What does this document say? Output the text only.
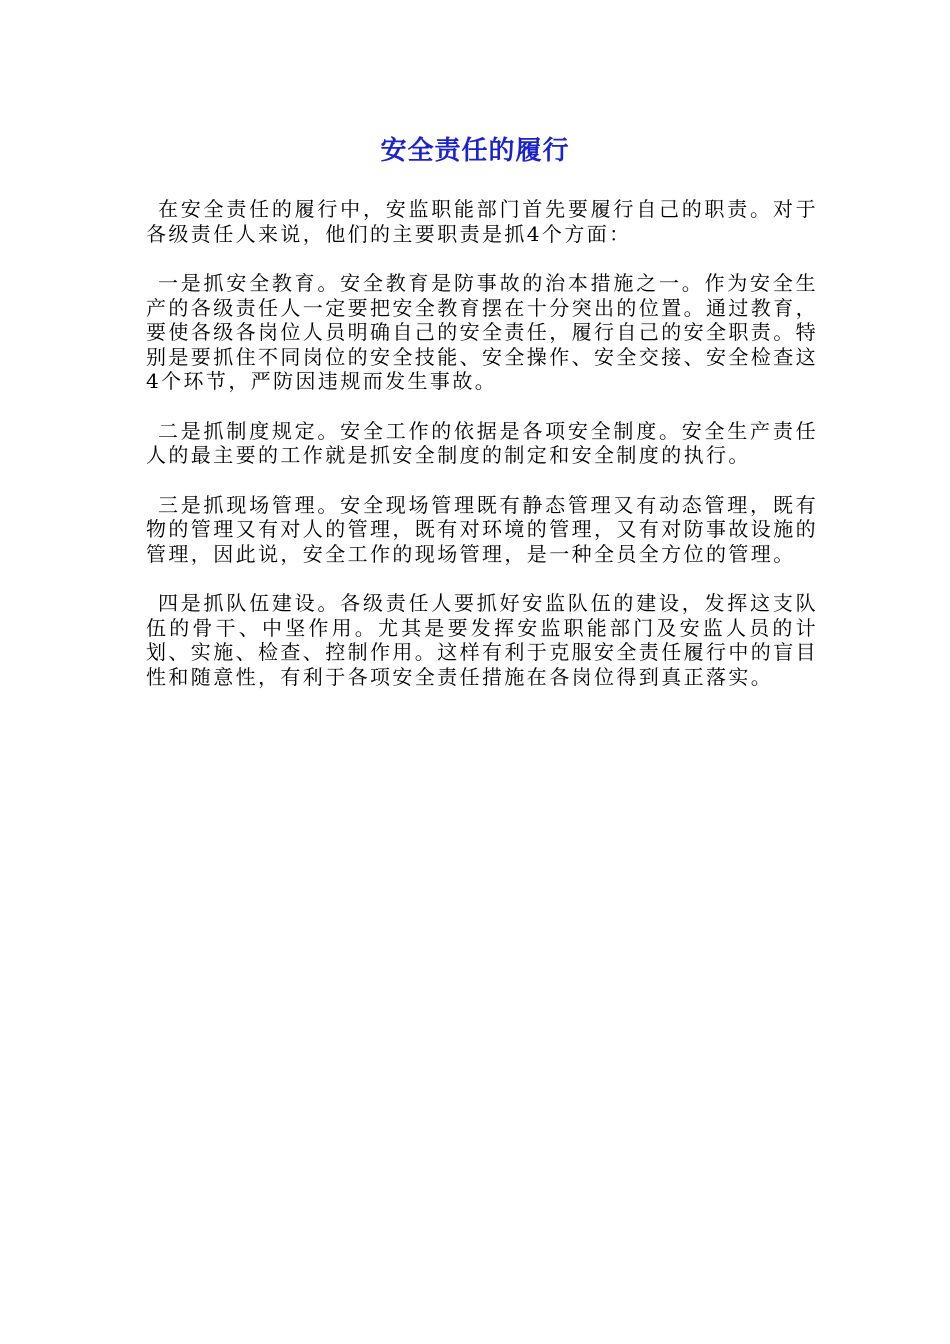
安全责任的履行

在安全责任的履行中，安监职能部门首先要履行自己的职责。对于各级责任人来说，他们的主要职责是抓4个方面：

一是抓安全教育。安全教育是防事故的治本措施之一。作为安全生产的各级责任人一定要把安全教育摆在十分突出的位置。通过教育，要使各级各岗位人员明确自己的安全责任，履行自己的安全职责。特别是要抓住不同岗位的安全技能、安全操作、安全交接、安全检查这4个环节，严防因违规而发生事故。

二是抓制度规定。安全工作的依据是各项安全制度。安全生产责任人的最主要的工作就是抓安全制度的制定和安全制度的执行。

三是抓现场管理。安全现场管理既有静态管理又有动态管理，既有物的管理又有对人的管理，既有对环境的管理，又有对防事故设施的管理，因此说，安全工作的现场管理，是一种全员全方位的管理。

四是抓队伍建设。各级责任人要抓好安监队伍的建设，发挥这支队伍的骨干、中坚作用。尤其是要发挥安监职能部门及安监人员的计划、实施、检查、控制作用。这样有利于克服安全责任履行中的盲目性和随意性，有利于各项安全责任措施在各岗位得到真正落实。
